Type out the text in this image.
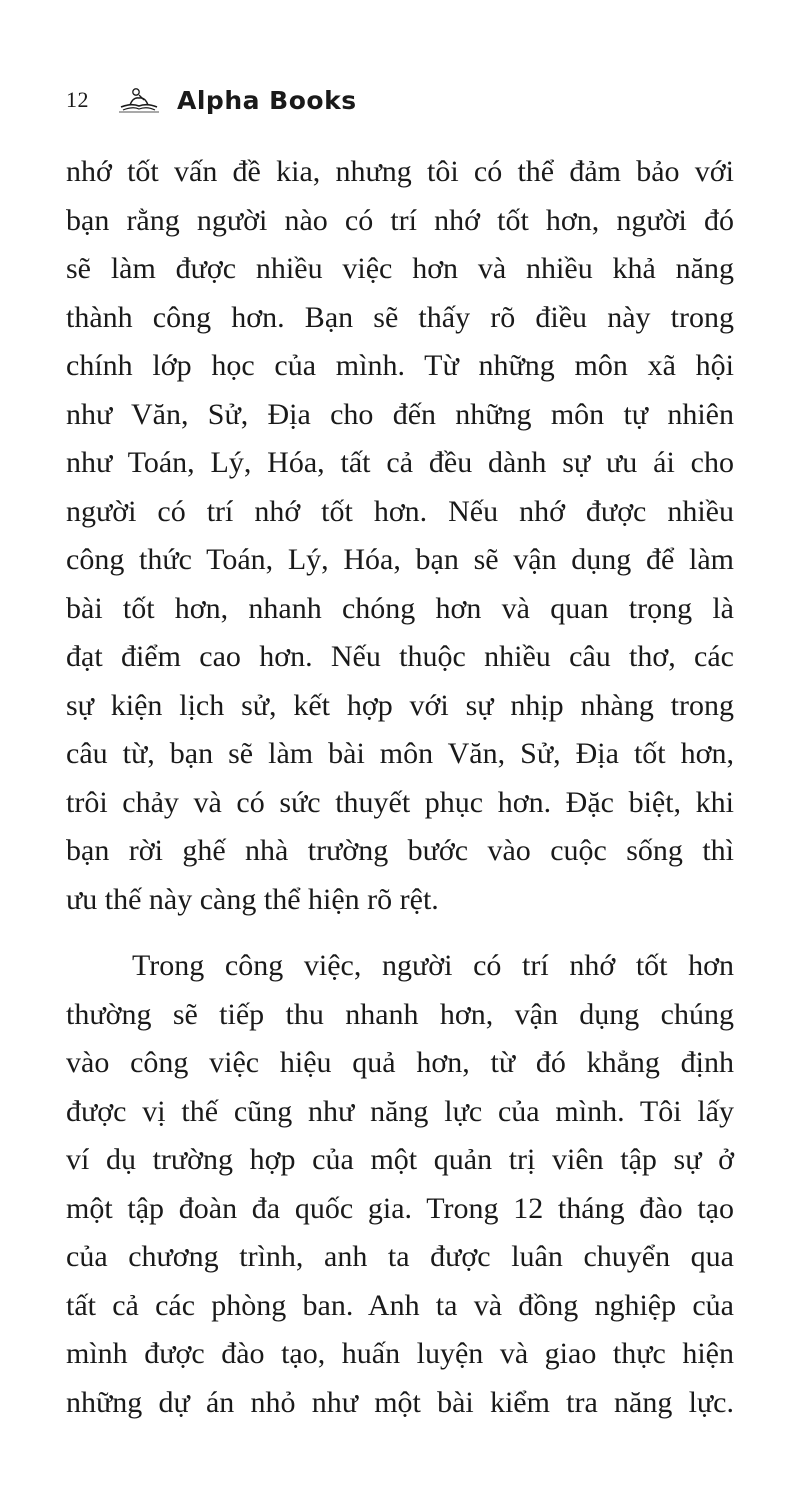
12	Alpha Books
nhớ tốt vấn đề kia, nhưng tôi có thể đảm bảo với
bạn rằng người nào có trí nhớ tốt hơn, người đó
sẽ làm được nhiều việc hơn và nhiều khả năng
thành công hơn. Bạn sẽ thấy rõ điều này trong
chính lớp học của mình. Từ những môn xã hội
như Văn, Sử, Địa cho đến những môn tự nhiên
như Toán, Lý, Hóa, tất cả đều dành sự ưu ái cho
người có trí nhớ tốt hơn. Nếu nhớ được nhiều
công thức Toán, Lý, Hóa, bạn sẽ vận dụng để làm
bài tốt hơn, nhanh chóng hơn và quan trọng là
đạt điểm cao hơn. Nếu thuộc nhiều câu thơ, các
sự kiện lịch sử, kết hợp với sự nhịp nhàng trong
câu từ, bạn sẽ làm bài môn Văn, Sử, Địa tốt hơn,
trôi chảy và có sức thuyết phục hơn. Đặc biệt, khi
bạn rời ghế nhà trường bước vào cuộc sống thì
ưu thế này càng thể hiện rõ rệt.
Trong công việc, người có trí nhớ tốt hơn
thường sẽ tiếp thu nhanh hơn, vận dụng chúng
vào công việc hiệu quả hơn, từ đó khẳng định
được vị thế cũng như năng lực của mình. Tôi lấy
ví dụ trường hợp của một quản trị viên tập sự ở
một tập đoàn đa quốc gia. Trong 12 tháng đào tạo
của chương trình, anh ta được luân chuyển qua
tất cả các phòng ban. Anh ta và đồng nghiệp của
mình được đào tạo, huấn luyện và giao thực hiện
những dự án nhỏ như một bài kiểm tra năng lực.
